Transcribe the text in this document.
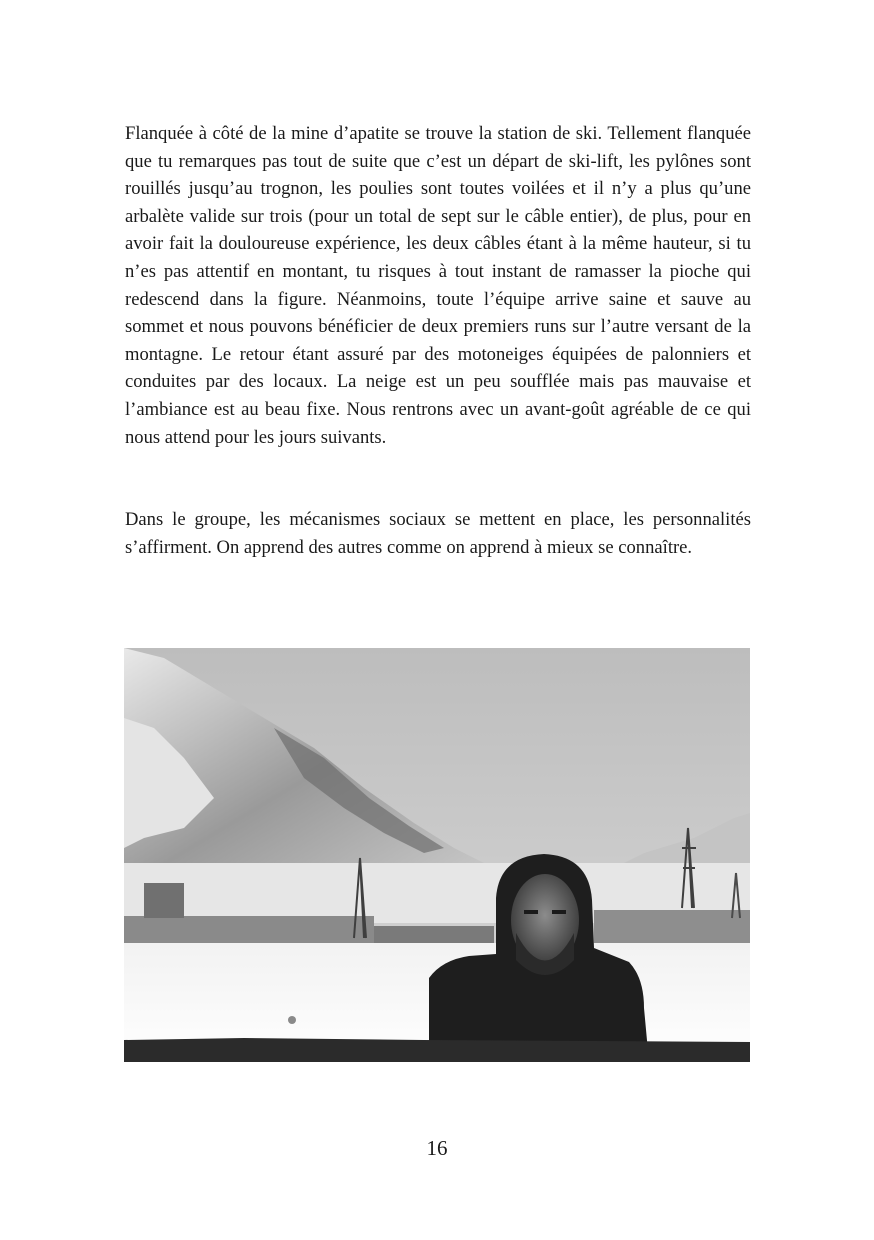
Flanquée à côté de la mine d’apatite se trouve la station de ski. Tellement flanquée que tu remarques pas tout de suite que c’est un départ de ski-lift, les pylônes sont rouillés jusqu’au trognon, les poulies sont toutes voilées et il n’y a plus qu’une arbalète valide sur trois (pour un total de sept sur le câble entier), de plus, pour en avoir fait la douloureuse expérience, les deux câbles étant à la même hauteur, si tu n’es pas attentif en montant, tu risques à tout instant de ramasser la pioche qui redescend dans la figure. Néanmoins, toute l’équipe arrive saine et sauve au sommet et nous pouvons bénéficier de deux premiers runs sur l’autre versant de la montagne. Le retour étant assuré par des motoneiges équipées de palonniers et conduites par des locaux. La neige est un peu soufflée mais pas mauvaise et l’ambiance est au beau fixe. Nous rentrons avec un avant-goût agréable de ce qui nous attend pour les jours suivants.

Dans le groupe, les mécanismes sociaux se mettent en place, les personnalités s’affirment. On apprend des autres comme on apprend à mieux se connaître.

16
